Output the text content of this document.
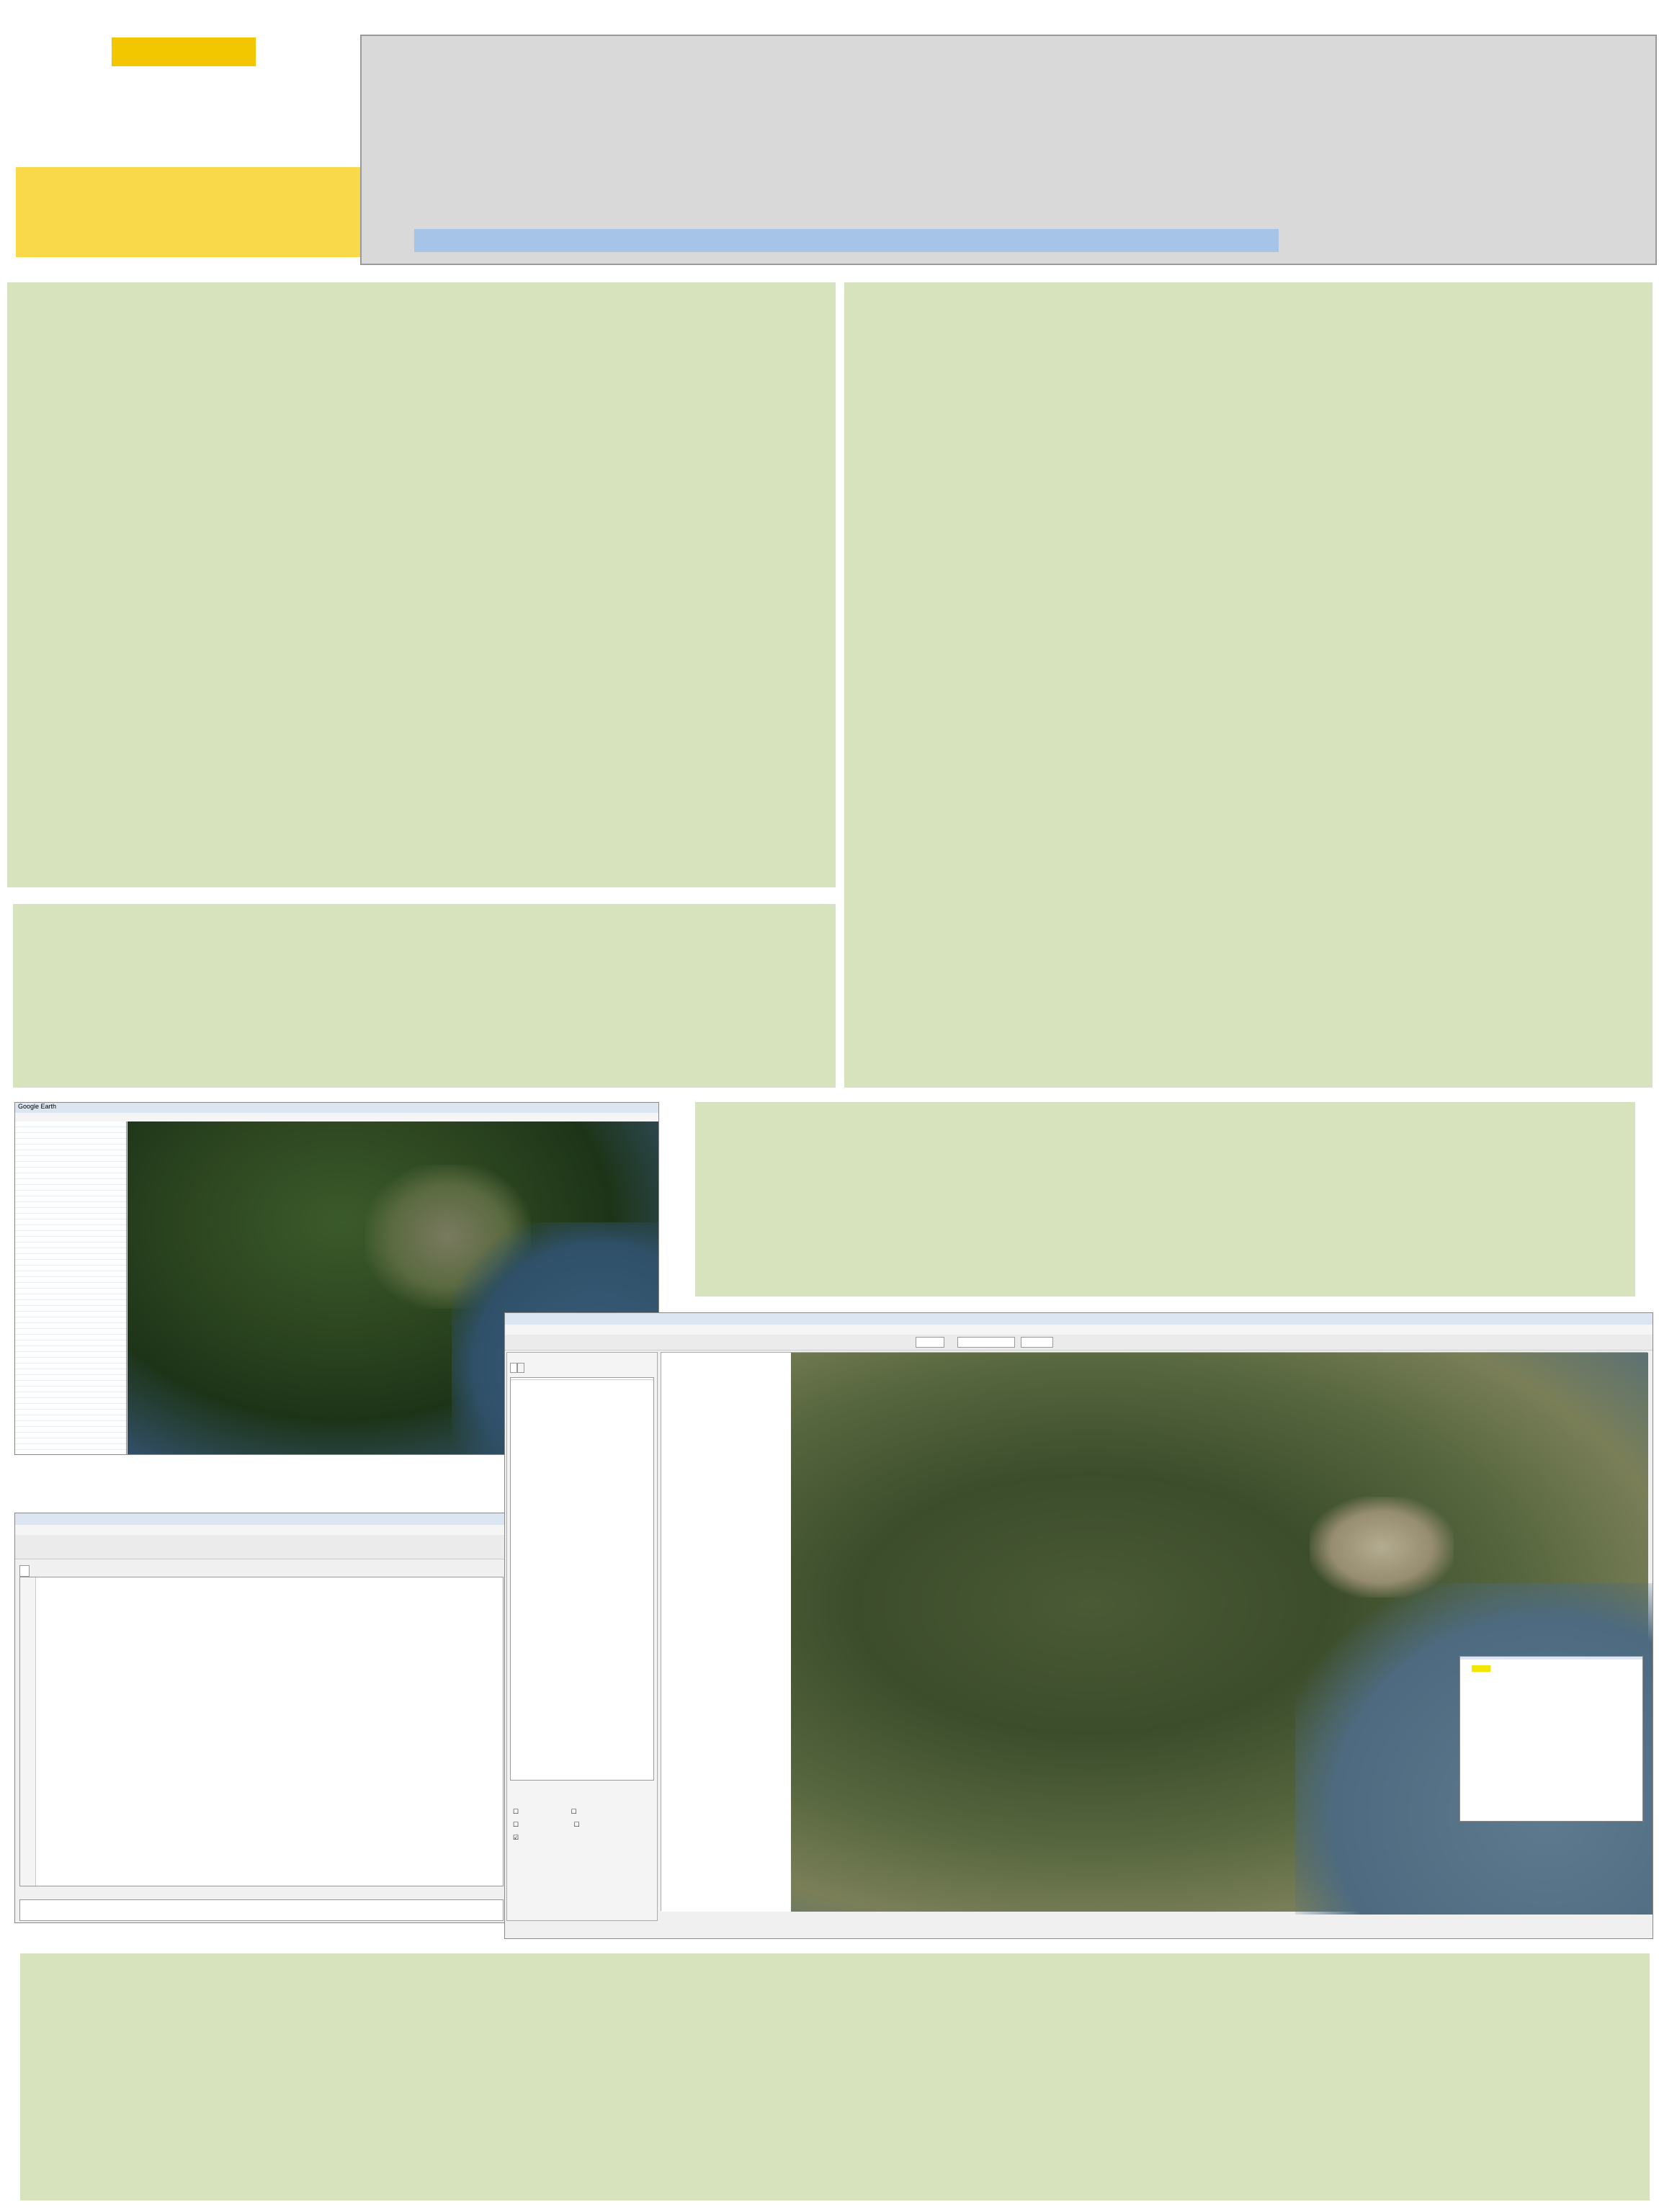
Google Earth
☐	☐
☐	☐
☑
